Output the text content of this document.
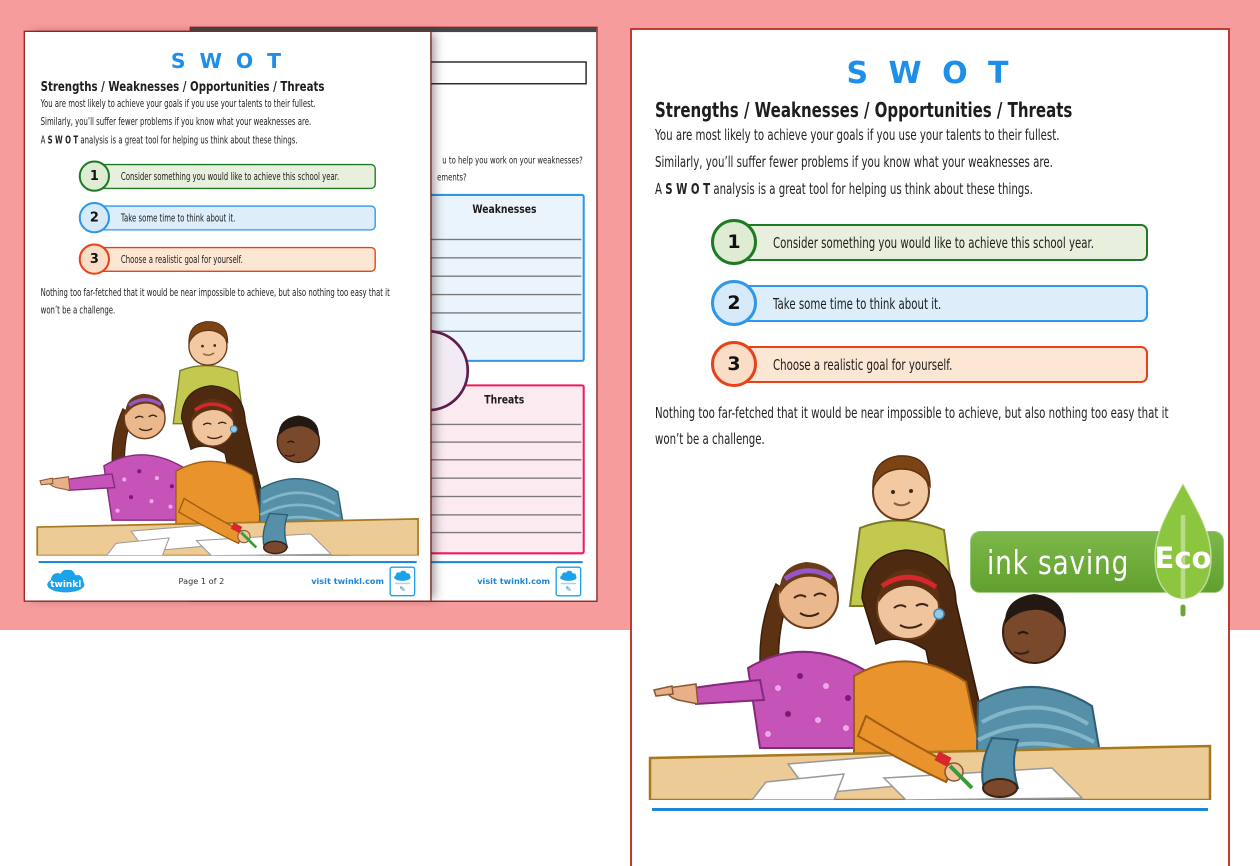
u to help you work on your weaknesses?
ements?
Weaknesses
Threats
visit twinkl.com
✎
S W O T
Strengths / Weaknesses / Opportunities / Threats
You are most likely to achieve your goals if you use your talents to their fullest.
Similarly, you’ll suffer fewer problems if you know what your weaknesses are.
A S W O T analysis is a great tool for helping us think about these things.
Consider something you would like to achieve this school year.
1
Take some time to think about it.
2
Choose a realistic goal for yourself.
3
Nothing too far-fetched that it would be near impossible to achieve, but also nothing too easy that it won’t be a challenge.
twinkl	Page 1 of 2	visit twinkl.com
✎
S W O T
Strengths / Weaknesses / Opportunities / Threats
You are most likely to achieve your goals if you use your talents to their fullest.
Similarly, you’ll suffer fewer problems if you know what your weaknesses are.
A S W O T analysis is a great tool for helping us think about these things.
Consider something you would like to achieve this school year.
1
Take some time to think about it.
2
Choose a realistic goal for yourself.
3
Nothing too far-fetched that it would be near impossible to achieve, but also nothing too easy that it won’t be a challenge.
ink saving Eco
